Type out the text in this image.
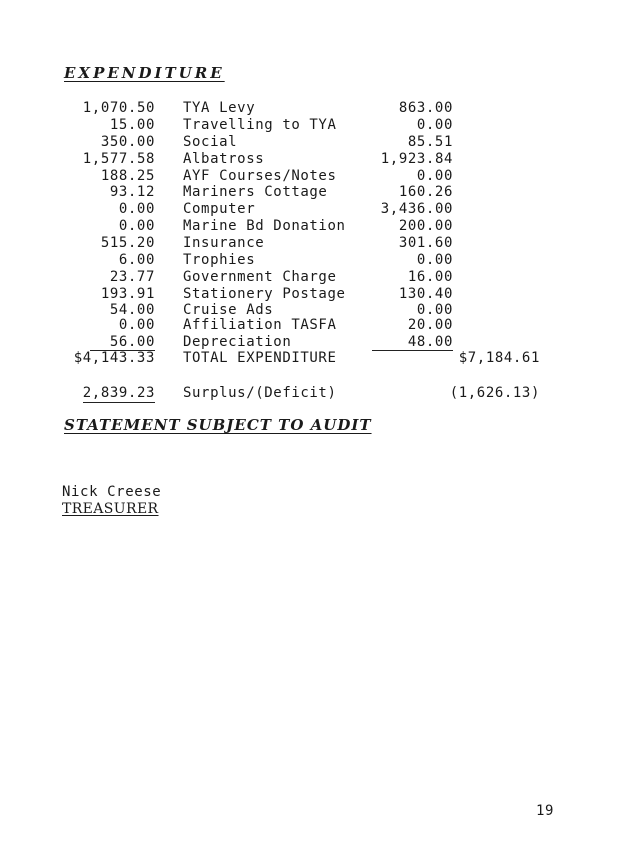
EXPENDITURE
1,070.50 TYA Levy	863.00
15.00 Travelling to TYA	0.00
350.00 Social	85.51
1,577.58 Albatross	1,923.84
188.25 AYF Courses/Notes	0.00
93.12 Mariners Cottage	160.26
0.00 Computer	3,436.00
0.00 Marine Bd Donation	200.00
515.20 Insurance	301.60
6.00 Trophies	0.00
23.77 Government Charge	16.00
193.91 Stationery Postage	130.40
54.00 Cruise Ads	0.00
0.00 Affiliation TASFA	20.00
56.00 Depreciation	48.00
$4,143.33 TOTAL EXPENDITURE	$7,184.61
2,839.23 Surplus/(Deficit)	(1,626.13)
STATEMENT SUBJECT TO AUDIT
Nick Creese
TREASURER
19
